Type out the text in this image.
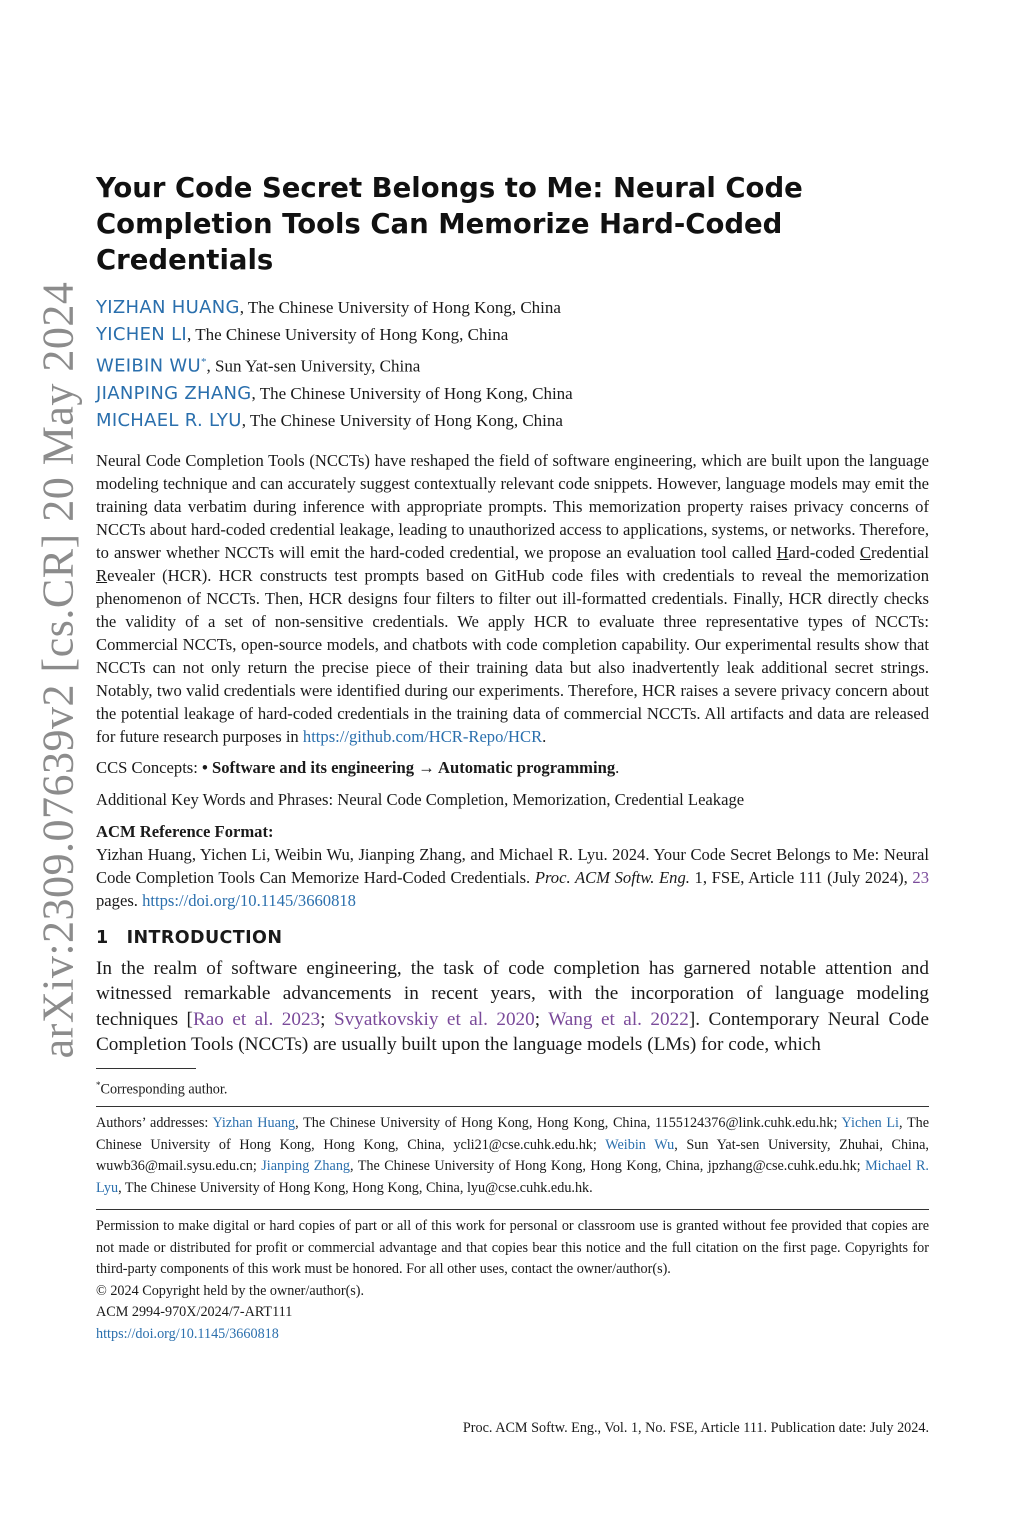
arXiv:2309.07639v2 [cs.CR] 20 May 2024
Your Code Secret Belongs to Me: Neural Code Completion Tools Can Memorize Hard-Coded Credentials
YIZHAN HUANG, The Chinese University of Hong Kong, China
YICHEN LI, The Chinese University of Hong Kong, China
WEIBIN WU*, Sun Yat-sen University, China
JIANPING ZHANG, The Chinese University of Hong Kong, China
MICHAEL R. LYU, The Chinese University of Hong Kong, China

Neural Code Completion Tools (NCCTs) have reshaped the field of software engineering, which are built upon the language modeling technique and can accurately suggest contextually relevant code snippets. However, language models may emit the training data verbatim during inference with appropriate prompts. This memorization property raises privacy concerns of NCCTs about hard-coded credential leakage, leading to unauthorized access to applications, systems, or networks. Therefore, to answer whether NCCTs will emit the hard-coded credential, we propose an evaluation tool called Hard-coded Credential Revealer (HCR). HCR constructs test prompts based on GitHub code files with credentials to reveal the memorization phenomenon of NCCTs. Then, HCR designs four filters to filter out ill-formatted credentials. Finally, HCR directly checks the validity of a set of non-sensitive credentials. We apply HCR to evaluate three representative types of NCCTs: Commercial NCCTs, open-source models, and chatbots with code completion capability. Our experimental results show that NCCTs can not only return the precise piece of their training data but also inadvertently leak additional secret strings. Notably, two valid credentials were identified during our experiments. Therefore, HCR raises a severe privacy concern about the potential leakage of hard-coded credentials in the training data of commercial NCCTs. All artifacts and data are released for future research purposes in https://github.com/HCR-Repo/HCR.

CCS Concepts: • Software and its engineering → Automatic programming.

Additional Key Words and Phrases: Neural Code Completion, Memorization, Credential Leakage

ACM Reference Format:

Yizhan Huang, Yichen Li, Weibin Wu, Jianping Zhang, and Michael R. Lyu. 2024. Your Code Secret Belongs to Me: Neural Code Completion Tools Can Memorize Hard-Coded Credentials. Proc. ACM Softw. Eng. 1, FSE, Article 111 (July 2024), 23 pages. https://doi.org/10.1145/3660818

1 INTRODUCTION

In the realm of software engineering, the task of code completion has garnered notable attention and witnessed remarkable advancements in recent years, with the incorporation of language modeling techniques [Rao et al. 2023; Svyatkovskiy et al. 2020; Wang et al. 2022]. Contemporary Neural Code Completion Tools (NCCTs) are usually built upon the language models (LMs) for code, which

*Corresponding author.

Authors’ addresses: Yizhan Huang, The Chinese University of Hong Kong, Hong Kong, China, 1155124376@link.cuhk.edu.hk; Yichen Li, The Chinese University of Hong Kong, Hong Kong, China, ycli21@cse.cuhk.edu.hk; Weibin Wu, Sun Yat-sen University, Zhuhai, China, wuwb36@mail.sysu.edu.cn; Jianping Zhang, The Chinese University of Hong Kong, Hong Kong, China, jpzhang@cse.cuhk.edu.hk; Michael R. Lyu, The Chinese University of Hong Kong, Hong Kong, China, lyu@cse.cuhk.edu.hk.

Permission to make digital or hard copies of part or all of this work for personal or classroom use is granted without fee provided that copies are not made or distributed for profit or commercial advantage and that copies bear this notice and the full citation on the first page. Copyrights for third-party components of this work must be honored. For all other uses, contact the owner/author(s).

© 2024 Copyright held by the owner/author(s).
ACM 2994-970X/2024/7-ART111
https://doi.org/10.1145/3660818
Proc. ACM Softw. Eng., Vol. 1, No. FSE, Article 111. Publication date: July 2024.
